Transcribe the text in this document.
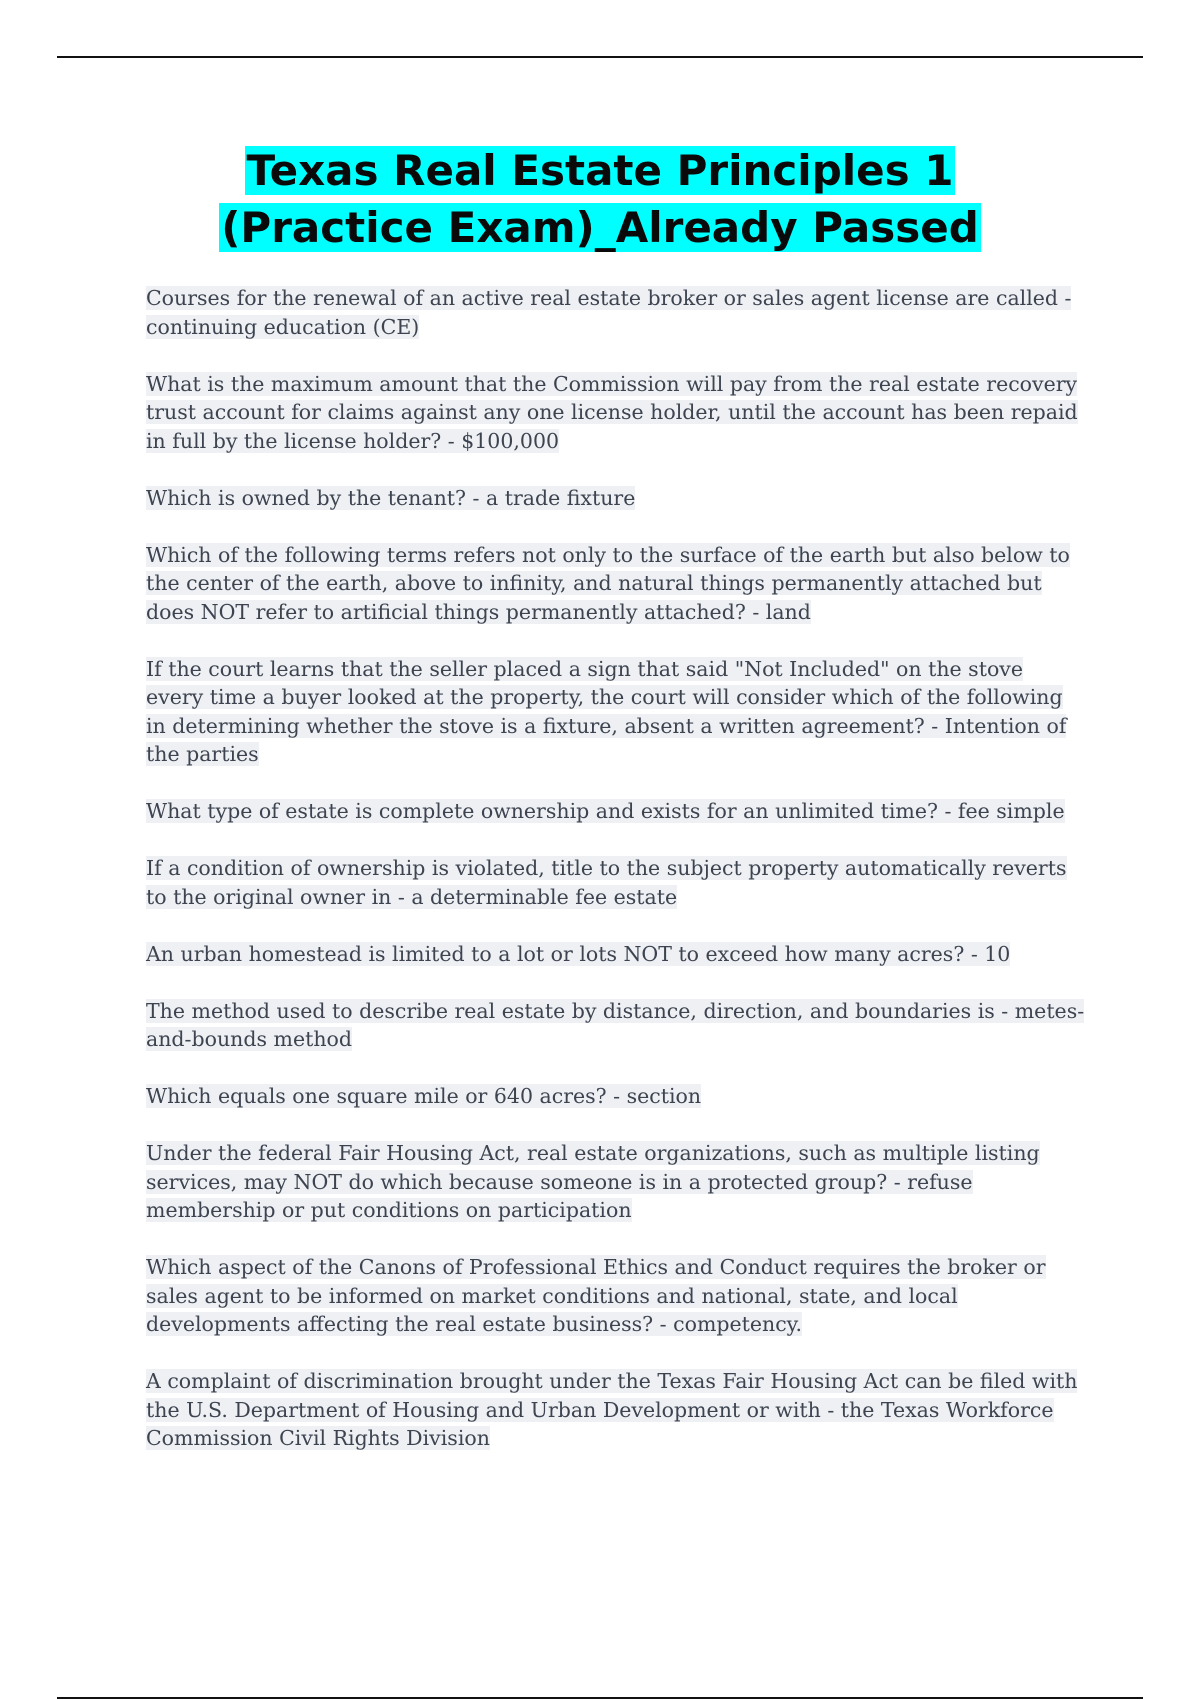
Texas Real Estate Principles 1 (Practice Exam)_Already Passed

Courses for the renewal of an active real estate broker or sales agent license are called - continuing education (CE)

What is the maximum amount that the Commission will pay from the real estate recovery trust account for claims against any one license holder, until the account has been repaid in full by the license holder? - $100,000

Which is owned by the tenant? - a trade fixture

Which of the following terms refers not only to the surface of the earth but also below to the center of the earth, above to infinity, and natural things permanently attached but does NOT refer to artificial things permanently attached? - land

If the court learns that the seller placed a sign that said "Not Included" on the stove every time a buyer looked at the property, the court will consider which of the following in determining whether the stove is a fixture, absent a written agreement? - Intention of the parties

What type of estate is complete ownership and exists for an unlimited time? - fee simple

If a condition of ownership is violated, title to the subject property automatically reverts to the original owner in - a determinable fee estate

An urban homestead is limited to a lot or lots NOT to exceed how many acres? - 10

The method used to describe real estate by distance, direction, and boundaries is - metes-and-bounds method

Which equals one square mile or 640 acres? - section

Under the federal Fair Housing Act, real estate organizations, such as multiple listing services, may NOT do which because someone is in a protected group? - refuse membership or put conditions on participation

Which aspect of the Canons of Professional Ethics and Conduct requires the broker or sales agent to be informed on market conditions and national, state, and local developments affecting the real estate business? - competency.

A complaint of discrimination brought under the Texas Fair Housing Act can be filed with the U.S. Department of Housing and Urban Development or with - the Texas Workforce Commission Civil Rights Division
